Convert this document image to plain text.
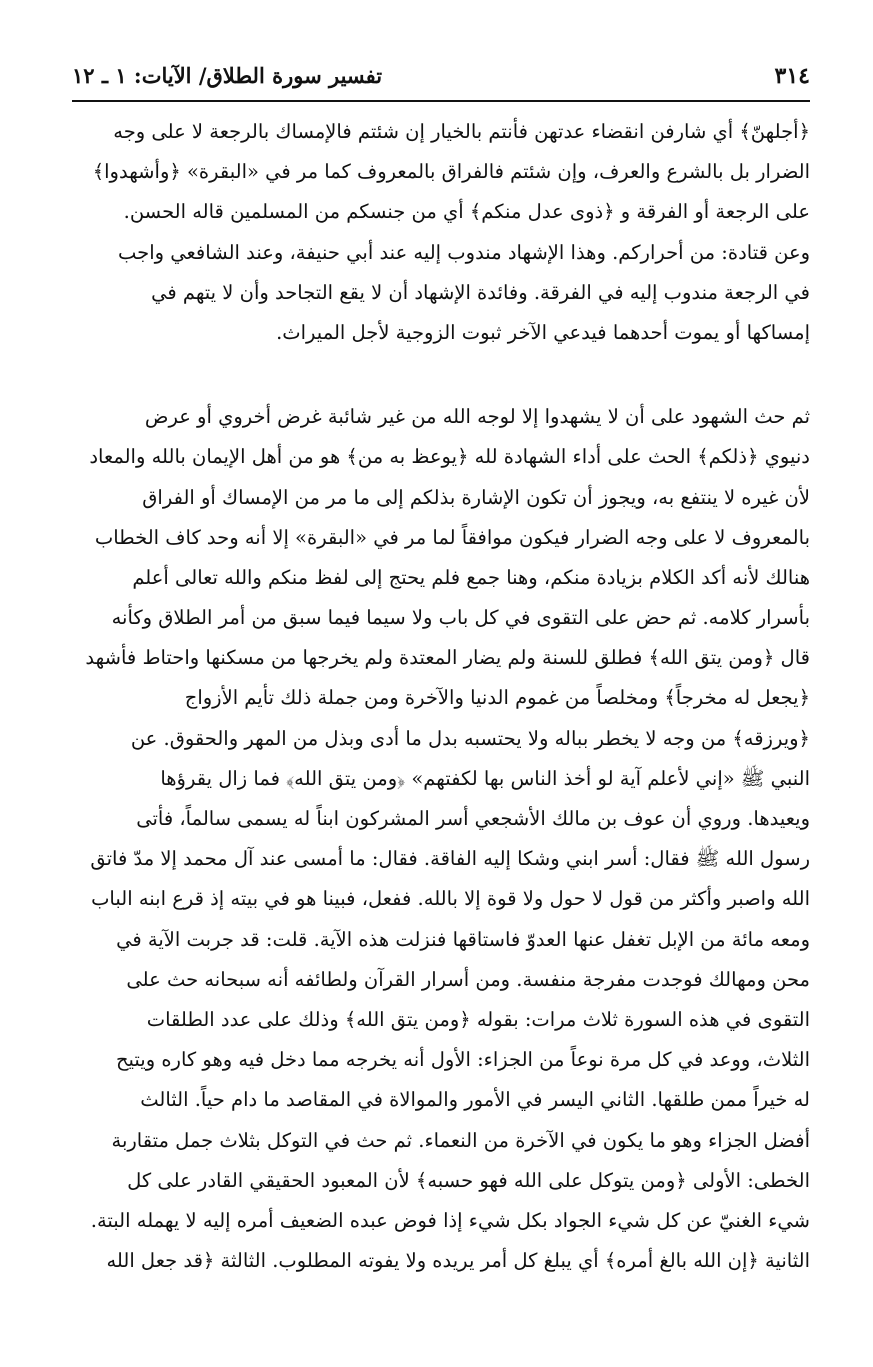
٣١٤
تفسير سورة الطلاق/ الآيات: ١ ـ ١٢
﴿أجلهنّ﴾ أي شارفن انقضاء عدتهن فأنتم بالخيار إن شئتم فالإمساك بالرجعة لا على وجه
الضرار بل بالشرع والعرف، وإن شئتم فالفراق بالمعروف كما مر في «البقرة» ﴿وأشهدوا﴾
على الرجعة أو الفرقة و ﴿ذوى عدل منكم﴾ أي من جنسكم من المسلمين قاله الحسن.
وعن قتادة: من أحراركم. وهذا الإشهاد مندوب إليه عند أبي حنيفة، وعند الشافعي واجب
في الرجعة مندوب إليه في الفرقة. وفائدة الإشهاد أن لا يقع التجاحد وأن لا يتهم في
إمساكها أو يموت أحدهما فيدعي الآخر ثبوت الزوجية لأجل الميراث.
ثم حث الشهود على أن لا يشهدوا إلا لوجه الله من غير شائبة غرض أخروي أو عرض
دنيوي ﴿ذلكم﴾ الحث على أداء الشهادة لله ﴿يوعظ به من﴾ هو من أهل الإيمان بالله والمعاد
لأن غيره لا ينتفع به، ويجوز أن تكون الإشارة بذلكم إلى ما مر من الإمساك أو الفراق
بالمعروف لا على وجه الضرار فيكون موافقاً لما مر في «البقرة» إلا أنه وحد كاف الخطاب
هنالك لأنه أكد الكلام بزيادة منكم، وهنا جمع فلم يحتج إلى لفظ منكم والله تعالى أعلم
بأسرار كلامه. ثم حض على التقوى في كل باب ولا سيما فيما سبق من أمر الطلاق وكأنه
قال ﴿ومن يتق الله﴾ فطلق للسنة ولم يضار المعتدة ولم يخرجها من مسكنها واحتاط فأشهد
﴿يجعل له مخرجاً﴾ ومخلصاً من غموم الدنيا والآخرة ومن جملة ذلك تأيم الأزواج
﴿ويرزقه﴾ من وجه لا يخطر بباله ولا يحتسبه بدل ما أدى وبذل من المهر والحقوق. عن
النبي ﷺ «إني لأعلم آية لو أخذ الناس بها لكفتهم» ﴿ومن يتق الله﴾ فما زال يقرؤها
ويعيدها. وروي أن عوف بن مالك الأشجعي أسر المشركون ابناً له يسمى سالماً، فأتى
رسول الله ﷺ فقال: أسر ابني وشكا إليه الفاقة. فقال: ما أمسى عند آل محمد إلا مدّ فاتق
الله واصبر وأكثر من قول لا حول ولا قوة إلا بالله. ففعل، فبينا هو في بيته إذ قرع ابنه الباب
ومعه مائة من الإبل تغفل عنها العدوّ فاستاقها فنزلت هذه الآية. قلت: قد جربت الآية في
محن ومهالك فوجدت مفرجة منفسة. ومن أسرار القرآن ولطائفه أنه سبحانه حث على
التقوى في هذه السورة ثلاث مرات: بقوله ﴿ومن يتق الله﴾ وذلك على عدد الطلقات
الثلاث، ووعد في كل مرة نوعاً من الجزاء: الأول أنه يخرجه مما دخل فيه وهو كاره ويتيح
له خيراً ممن طلقها. الثاني اليسر في الأمور والموالاة في المقاصد ما دام حياً. الثالث
أفضل الجزاء وهو ما يكون في الآخرة من النعماء. ثم حث في التوكل بثلاث جمل متقاربة
الخطى: الأولى ﴿ومن يتوكل على الله فهو حسبه﴾ لأن المعبود الحقيقي القادر على كل
شيء الغنيّ عن كل شيء الجواد بكل شيء إذا فوض عبده الضعيف أمره إليه لا يهمله البتة.
الثانية ﴿إن الله بالغ أمره﴾ أي يبلغ كل أمر يريده ولا يفوته المطلوب. الثالثة ﴿قد جعل الله
